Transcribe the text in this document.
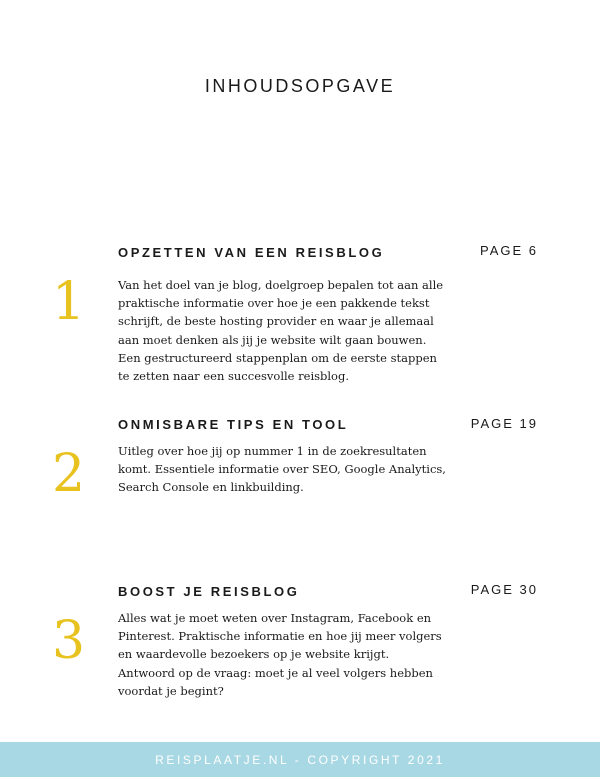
INHOUDSOPGAVE
OPZETTEN VAN EEN REISBLOG	PAGE 6
1	Van het doel van je blog, doelgroep bepalen tot aan alle praktische informatie over hoe je een pakkende tekst schrijft, de beste hosting provider en waar je allemaal aan moet denken als jij je website wilt gaan bouwen. Een gestructureerd stappenplan om de eerste stappen te zetten naar een succesvolle reisblog.
ONMISBARE TIPS EN TOOL	PAGE 19
2	Uitleg over hoe jij op nummer 1 in de zoekresultaten komt. Essentiele informatie over SEO, Google Analytics, Search Console en linkbuilding.
BOOST JE REISBLOG	PAGE 30
3	Alles wat je moet weten over Instagram, Facebook en Pinterest. Praktische informatie en hoe jij meer volgers en waardevolle bezoekers op je website krijgt. Antwoord op de vraag: moet je al veel volgers hebben voordat je begint?
REISPLAATJE.NL - COPYRIGHT 2021
